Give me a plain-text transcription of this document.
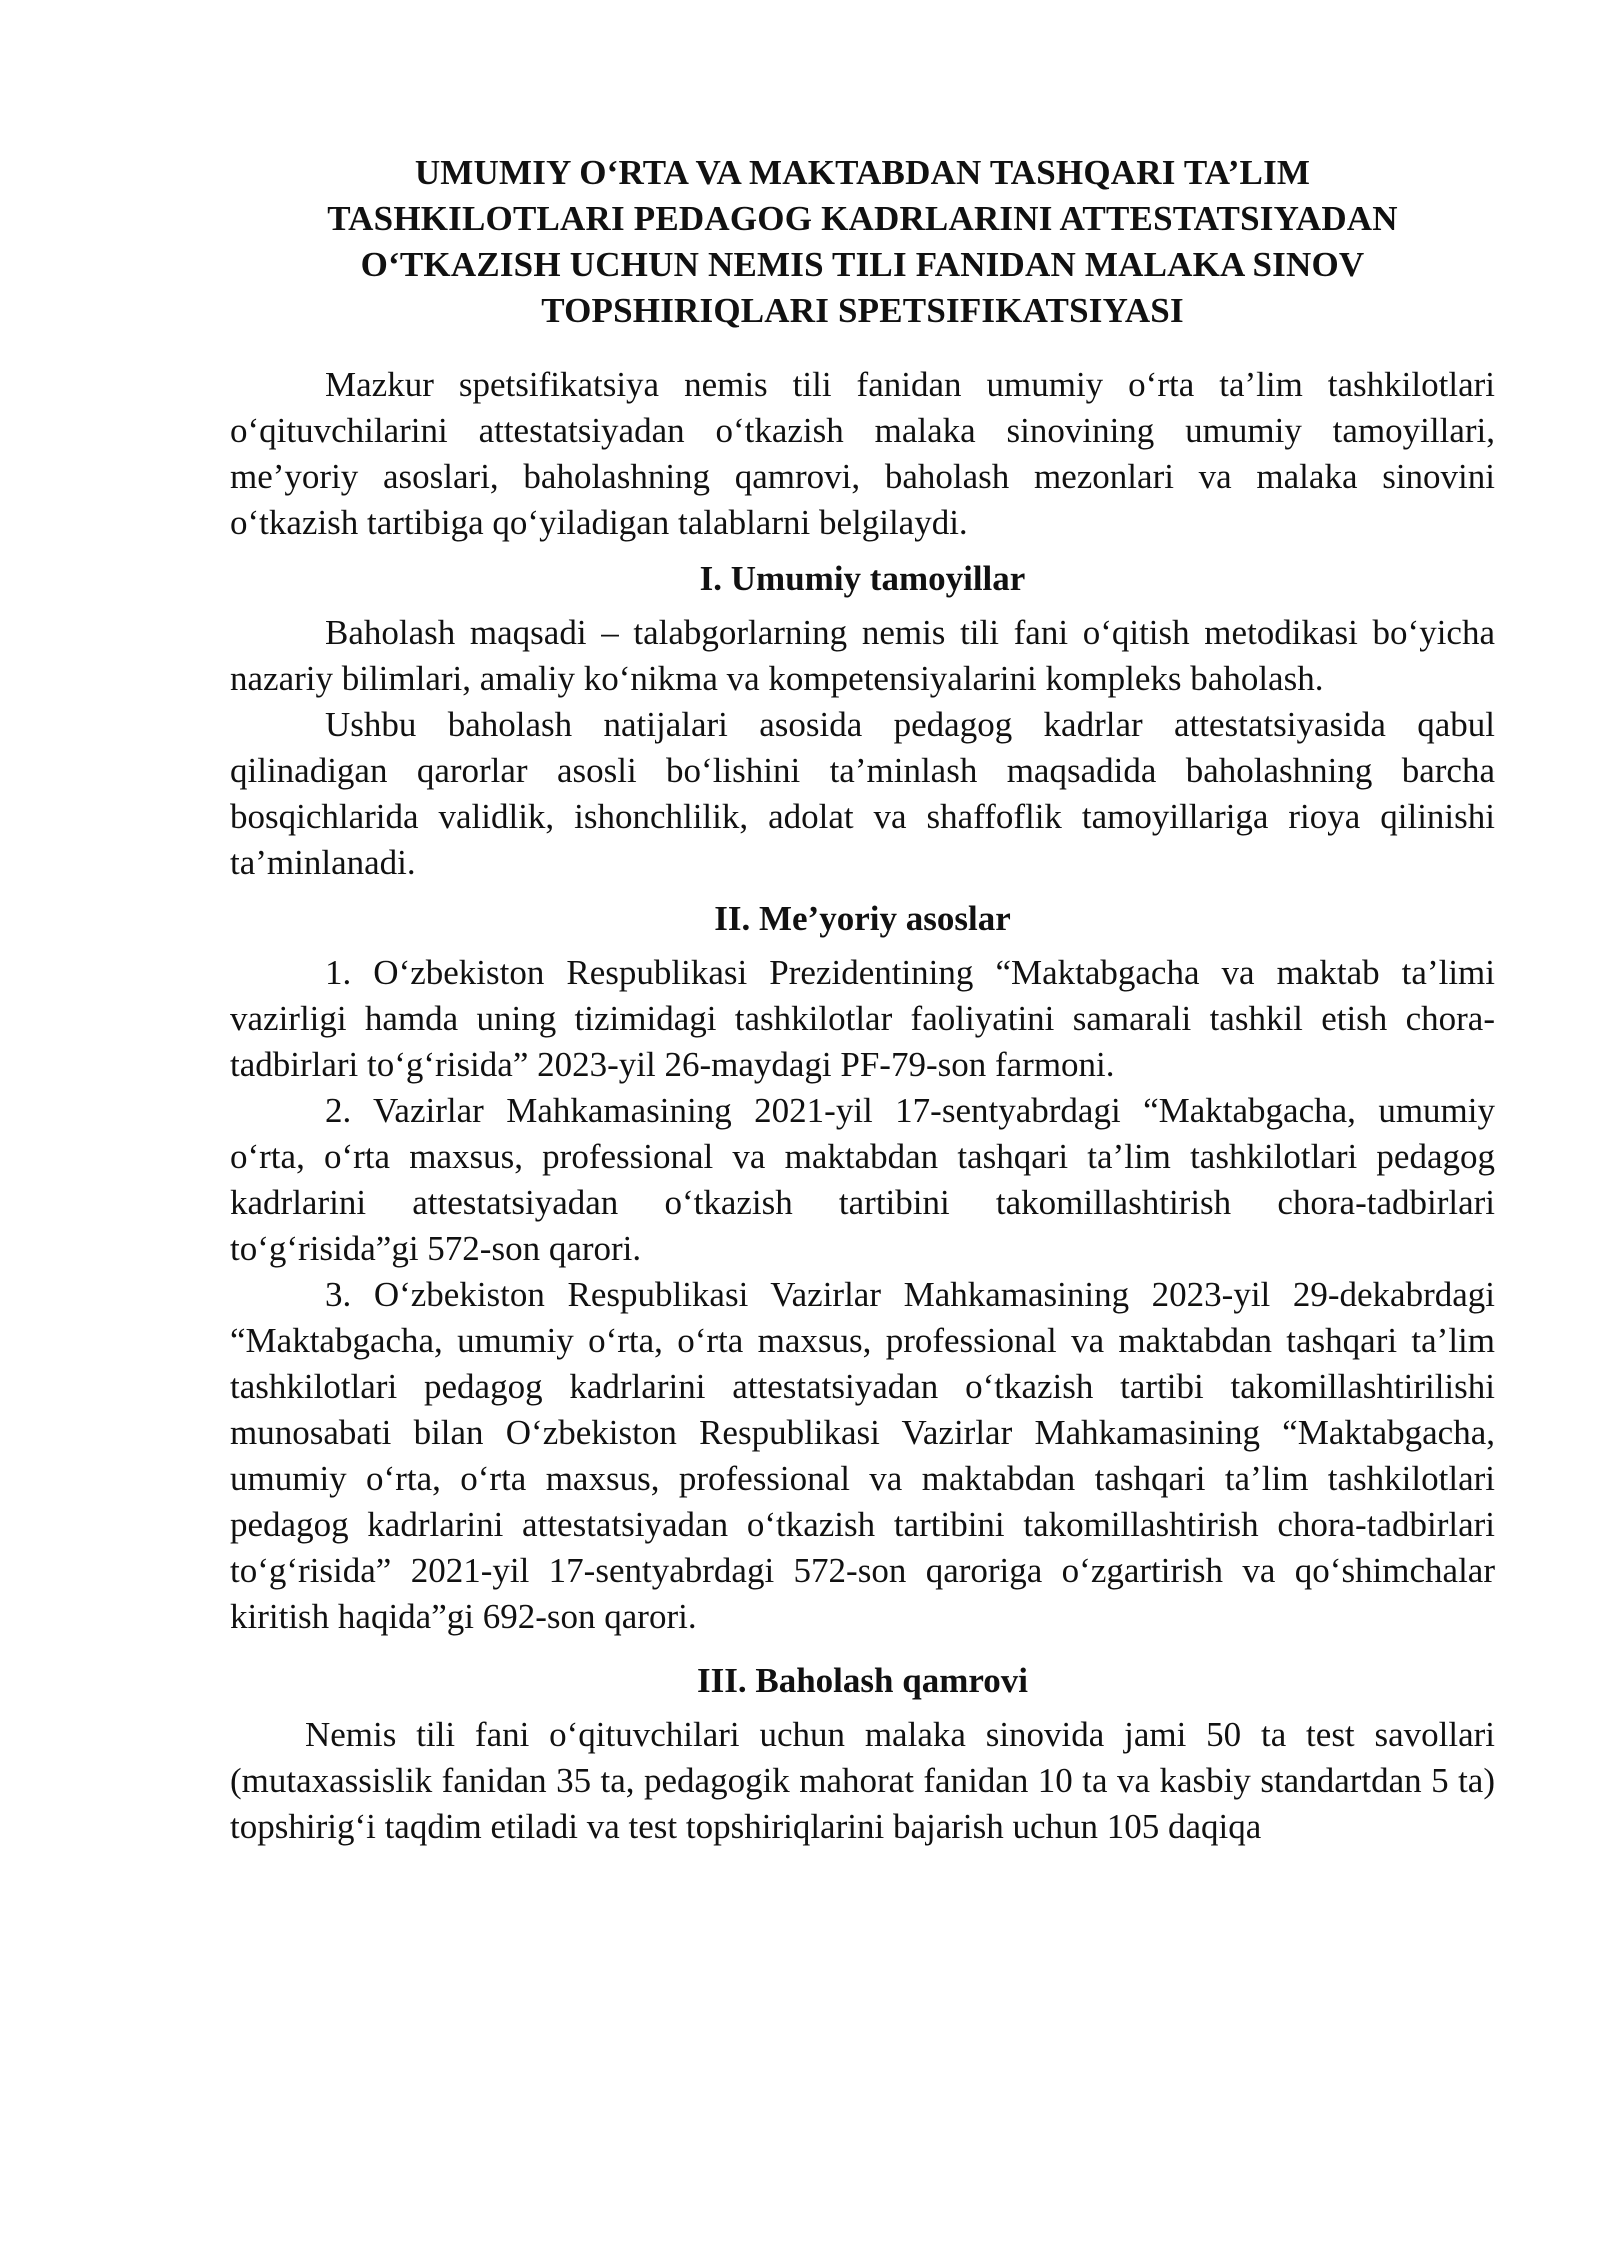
UMUMIY O‘RTA VA MAKTABDAN TASHQARI TA’LIM
TASHKILOTLARI PEDAGOG KADRLARINI ATTESTATSIYADAN
O‘TKAZISH UCHUN NEMIS TILI FANIDAN MALAKA SINOV
TOPSHIRIQLARI SPETSIFIKATSIYASI

Mazkur spetsifikatsiya nemis tili fanidan umumiy o‘rta ta’lim tashkilotlari o‘qituvchilarini attestatsiyadan o‘tkazish malaka sinovining umumiy tamoyillari, me’yoriy asoslari, baholashning qamrovi, baholash mezonlari va malaka sinovini o‘tkazish tartibiga qo‘yiladigan talablarni belgilaydi.

I. Umumiy tamoyillar

Baholash maqsadi – talabgorlarning nemis tili fani o‘qitish metodikasi bo‘yicha nazariy bilimlari, amaliy ko‘nikma va kompetensiyalarini kompleks baholash.

Ushbu baholash natijalari asosida pedagog kadrlar attestatsiyasida qabul qilinadigan qarorlar asosli bo‘lishini ta’minlash maqsadida baholashning barcha bosqichlarida validlik, ishonchlilik, adolat va shaffoflik tamoyillariga rioya qilinishi ta’minlanadi.

II. Me’yoriy asoslar

1. O‘zbekiston Respublikasi Prezidentining “Maktabgacha va maktab ta’limi vazirligi hamda uning tizimidagi tashkilotlar faoliyatini samarali tashkil etish chora-tadbirlari to‘g‘risida” 2023-yil 26-maydagi PF-79-son farmoni.

2. Vazirlar Mahkamasining 2021-yil 17-sentyabrdagi “Maktabgacha, umumiy o‘rta, o‘rta maxsus, professional va maktabdan tashqari ta’lim tashkilotlari pedagog kadrlarini attestatsiyadan o‘tkazish tartibini takomillashtirish chora-tadbirlari to‘g‘risida”gi 572-son qarori.

3. O‘zbekiston Respublikasi Vazirlar Mahkamasining 2023-yil 29-dekabrdagi “Maktabgacha, umumiy o‘rta, o‘rta maxsus, professional va maktabdan tashqari ta’lim tashkilotlari pedagog kadrlarini attestatsiyadan o‘tkazish tartibi takomillashtirilishi munosabati bilan O‘zbekiston Respublikasi Vazirlar Mahkamasining “Maktabgacha, umumiy o‘rta, o‘rta maxsus, professional va maktabdan tashqari ta’lim tashkilotlari pedagog kadrlarini attestatsiyadan o‘tkazish tartibini takomillashtirish chora-tadbirlari to‘g‘risida” 2021-yil 17-sentyabrdagi 572-son qaroriga o‘zgartirish va qo‘shimchalar kiritish haqida”gi 692-son qarori.

III. Baholash qamrovi

Nemis tili fani o‘qituvchilari uchun malaka sinovida jami 50 ta test savollari (mutaxassislik fanidan 35 ta, pedagogik mahorat fanidan 10 ta va kasbiy standartdan 5 ta) topshirig‘i taqdim etiladi va test topshiriqlarini bajarish uchun 105 daqiqa
